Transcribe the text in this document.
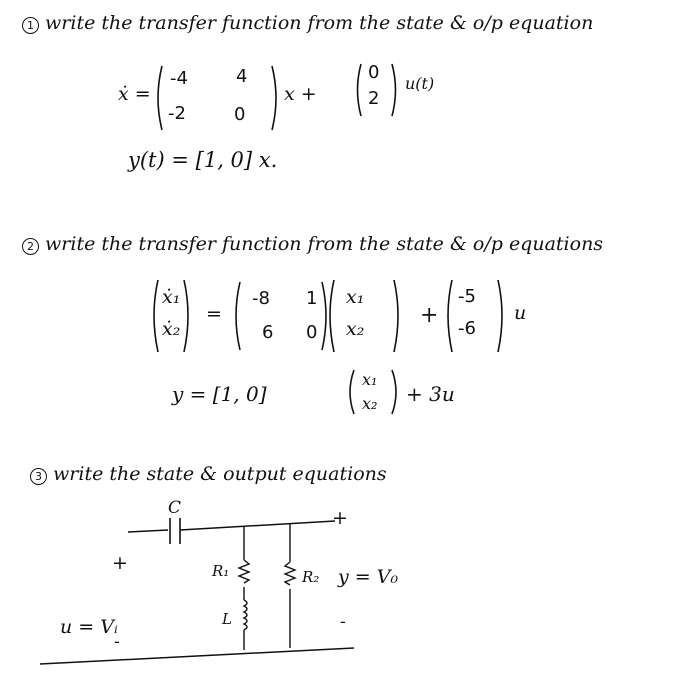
1 write the transfer function from the state & o/p equation
ẋ =
-4	4
-2	0
x +
0
2
u(t)
y(t) = [1, 0] x.
2 write the transfer function from the state & o/p equations
ẋ₁
ẋ₂
=
-8 1
6 0
x₁
x₂
+
-5
-6
u
y = [1, 0]
x₁
x₂ + 3u
3 write the state & output equations
C	+
+	R₁	R₂ y = V₀
u = Vᵢ	L
-
-
